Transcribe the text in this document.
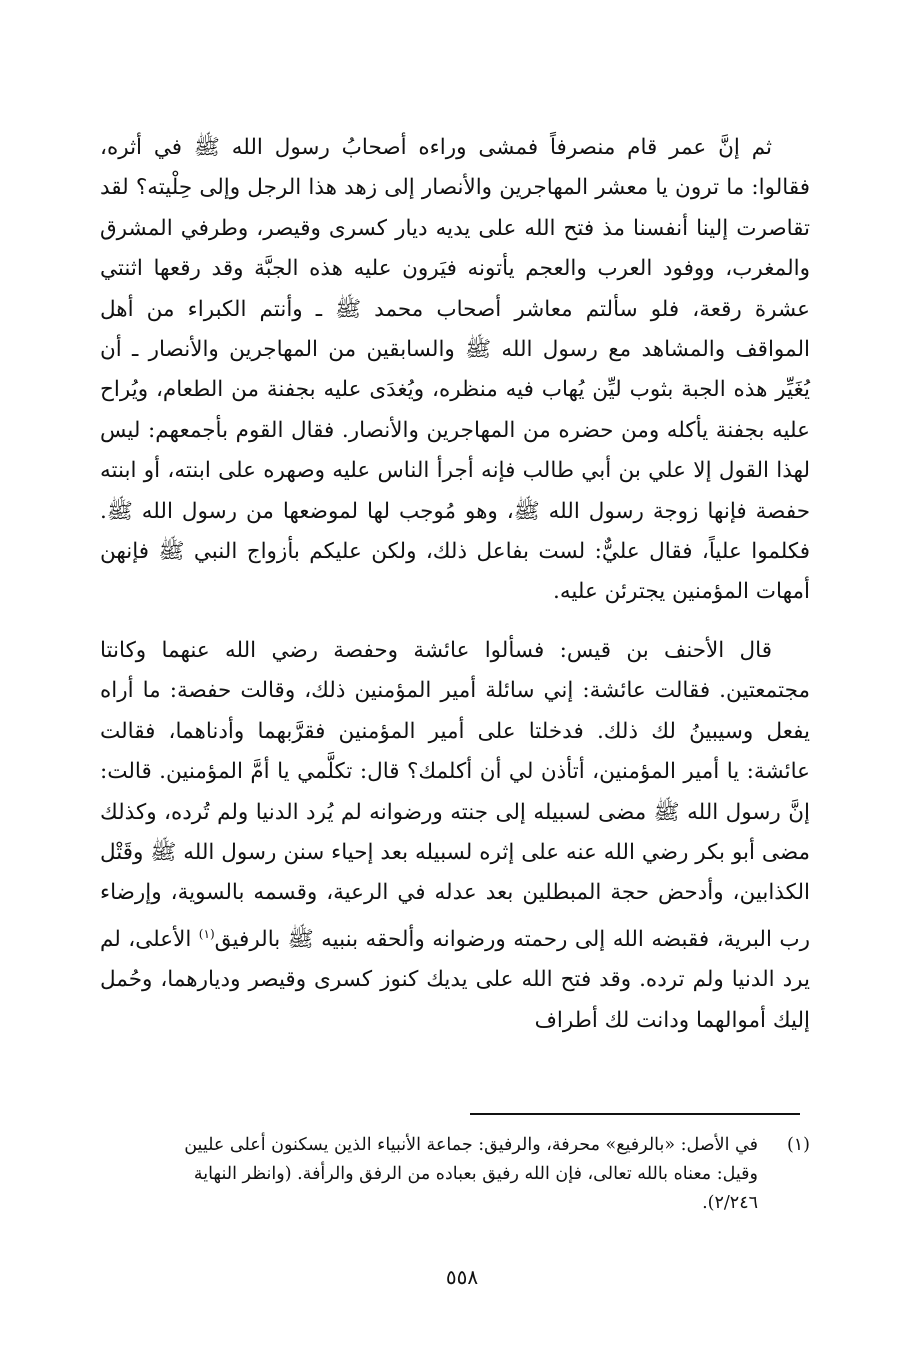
ثم إنَّ عمر قام منصرفاً فمشى وراءه أصحابُ رسول الله ﷺ في أثره، فقالوا: ما ترون يا معشر المهاجرين والأنصار إلى زهد هذا الرجل وإلى حِلْيته؟ لقد تقاصرت إلينا أنفسنا مذ فتح الله على يديه ديار كسرى وقيصر، وطرفي المشرق والمغرب، ووفود العرب والعجم يأتونه فيَرون عليه هذه الجبَّة وقد رقعها اثنتي عشرة رقعة، فلو سألتم معاشر أصحاب محمد ﷺ ـ وأنتم الكبراء من أهل المواقف والمشاهد مع رسول الله ﷺ والسابقين من المهاجرين والأنصار ـ أن يُغَيِّر هذه الجبة بثوب ليِّن يُهاب فيه منظره، ويُغدَى عليه بجفنة من الطعام، ويُراح عليه بجفنة يأكله ومن حضره من المهاجرين والأنصار. فقال القوم بأجمعهم: ليس لهذا القول إلا علي بن أبي طالب فإنه أجرأ الناس عليه وصهره على ابنته، أو ابنته حفصة فإنها زوجة رسول الله ﷺ، وهو مُوجب لها لموضعها من رسول الله ﷺ. فكلموا علياً، فقال عليٌّ: لست بفاعل ذلك، ولكن عليكم بأزواج النبي ﷺ فإنهن أمهات المؤمنين يجترئن عليه.

قال الأحنف بن قيس: فسألوا عائشة وحفصة رضي الله عنهما وكانتا مجتمعتين. فقالت عائشة: إني سائلة أمير المؤمنين ذلك، وقالت حفصة: ما أراه يفعل وسيبينُ لك ذلك. فدخلتا على أمير المؤمنين فقرَّبهما وأدناهما، فقالت عائشة: يا أمير المؤمنين، أتأذن لي أن أكلمك؟ قال: تكلَّمي يا أمَّ المؤمنين. قالت: إنَّ رسول الله ﷺ مضى لسبيله إلى جنته ورضوانه لم يُرد الدنيا ولم تُرده، وكذلك مضى أبو بكر رضي الله عنه على إثره لسبيله بعد إحياء سنن رسول الله ﷺ وقَتْل الكذابين، وأدحض حجة المبطلين بعد عدله في الرعية، وقسمه بالسوية، وإرضاء رب البرية، فقبضه الله إلى رحمته ورضوانه وألحقه بنبيه ﷺ بالرفيق$^{(١)}$ الأعلى، لم يرد الدنيا ولم ترده. وقد فتح الله على يديك كنوز كسرى وقيصر وديارهما، وحُمل إليك أموالهما ودانت لك أطراف

(١)في الأصل: «بالرفيع» محرفة، والرفيق: جماعة الأنبياء الذين يسكنون أعلى عليين
وقيل: معناه بالله تعالى، فإن الله رفيق بعباده من الرفق والرأفة. (وانظر النهاية
٢/٢٤٦).
٥٥٨
